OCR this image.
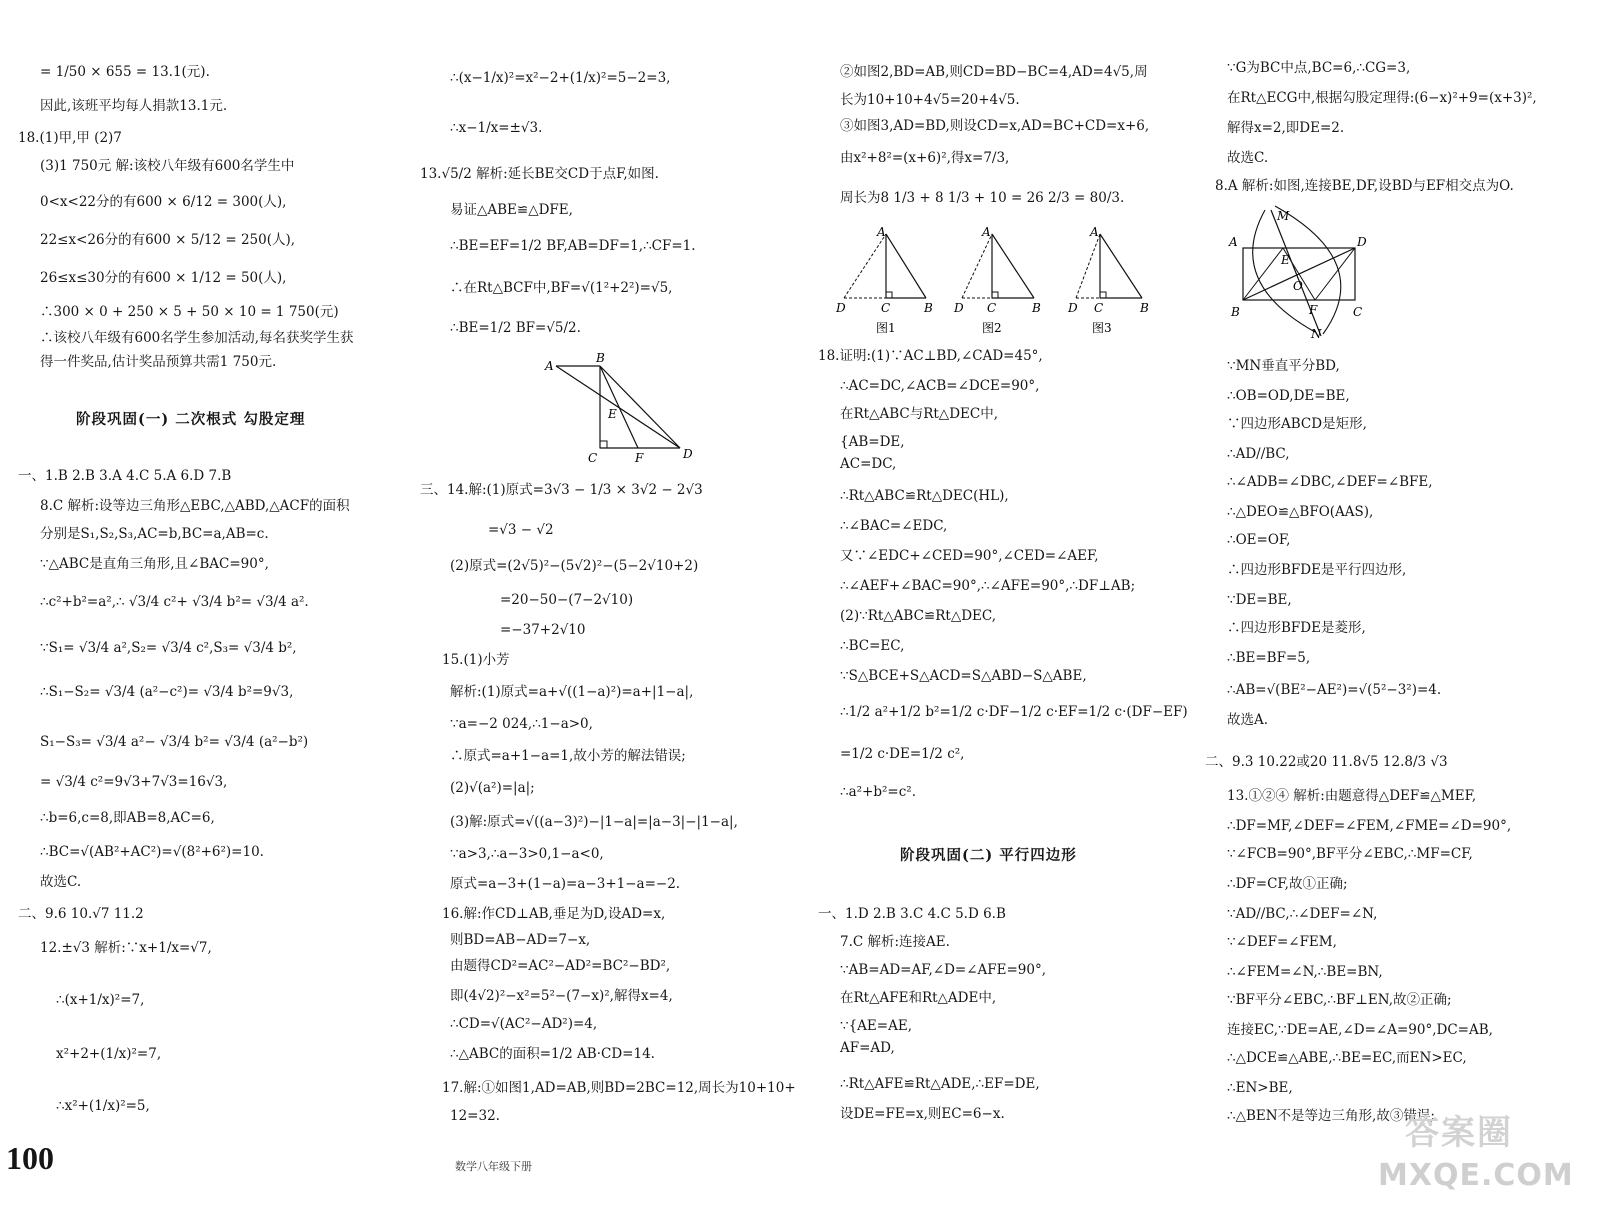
= 1/50 × 655 = 13.1(元).
因此,该班平均每人捐款13.1元.
18.(1)甲,甲 (2)7
(3)1 750元 解:该校八年级有600名学生中
0<x<22分的有600 × 6/12 = 300(人),
22≤x<26分的有600 × 5/12 = 250(人),
26≤x≤30分的有600 × 1/12 = 50(人),
∴300 × 0 + 250 × 5 + 50 × 10 = 1 750(元)
∴该校八年级有600名学生参加活动,每名获奖学生获
得一件奖品,估计奖品预算共需1 750元.
阶段巩固(一) 二次根式 勾股定理
一、1.B 2.B 3.A 4.C 5.A 6.D 7.B
8.C 解析:设等边三角形△EBC,△ABD,△ACF的面积
分别是S₁,S₂,S₃,AC=b,BC=a,AB=c.
∵△ABC是直角三角形,且∠BAC=90°,
∴c²+b²=a²,∴ √3/4 c²+ √3/4 b²= √3/4 a².
∵S₁= √3/4 a²,S₂= √3/4 c²,S₃= √3/4 b²,
∴S₁−S₂= √3/4 (a²−c²)= √3/4 b²=9√3,
S₁−S₃= √3/4 a²− √3/4 b²= √3/4 (a²−b²)
= √3/4 c²=9√3+7√3=16√3,
∴b=6,c=8,即AB=8,AC=6,
∴BC=√(AB²+AC²)=√(8²+6²)=10.
故选C.
二、9.6 10.√7 11.2
12.±√3 解析:∵x+1/x=√7,
∴(x+1/x)²=7,
x²+2+(1/x)²=7,
∴x²+(1/x)²=5,
∴(x−1/x)²=x²−2+(1/x)²=5−2=3,
∴x−1/x=±√3.
13.√5/2 解析:延长BE交CD于点F,如图.
易证△ABE≌△DFE,
∴BE=EF=1/2 BF,AB=DF=1,∴CF=1.
∴在Rt△BCF中,BF=√(1²+2²)=√5,
∴BE=1/2 BF=√5/2.
A
B
E
C	F	D
三、14.解:(1)原式=3√3 − 1/3 × 3√2 − 2√3
=√3 − √2
(2)原式=(2√5)²−(5√2)²−(5−2√10+2)
=20−50−(7−2√10)
=−37+2√10
15.(1)小芳
解析:(1)原式=a+√((1−a)²)=a+|1−a|,
∵a=−2 024,∴1−a>0,
∴原式=a+1−a=1,故小芳的解法错误;
(2)√(a²)=|a|;
(3)解:原式=√((a−3)²)−|1−a|=|a−3|−|1−a|,
∵a>3,∴a−3>0,1−a<0,
原式=a−3+(1−a)=a−3+1−a=−2.
16.解:作CD⊥AB,垂足为D,设AD=x,
则BD=AB−AD=7−x,
由题得CD²=AC²−AD²=BC²−BD²,
即(4√2)²−x²=5²−(7−x)²,解得x=4,
∴CD=√(AC²−AD²)=4,
∴△ABC的面积=1/2 AB·CD=14.
17.解:①如图1,AD=AB,则BD=2BC=12,周长为10+10+
12=32.
②如图2,BD=AB,则CD=BD−BC=4,AD=4√5,周
长为10+10+4√5=20+4√5.
③如图3,AD=BD,则设CD=x,AD=BC+CD=x+6,
由x²+8²=(x+6)²,得x=7/3,
周长为8 1/3 + 8 1/3 + 10 = 26 2/3 = 80/3.
A
D	C	B
图1
A
D C	B
图2
A
D C	B
图3
18.证明:(1)∵AC⊥BD,∠CAD=45°,
∴AC=DC,∠ACB=∠DCE=90°,
在Rt△ABC与Rt△DEC中,
{AB=DE,
AC=DC,
∴Rt△ABC≌Rt△DEC(HL),
∴∠BAC=∠EDC,
又∵∠EDC+∠CED=90°,∠CED=∠AEF,
∴∠AEF+∠BAC=90°,∴∠AFE=90°,∴DF⊥AB;
(2)∵Rt△ABC≌Rt△DEC,
∴BC=EC,
∵S△BCE+S△ACD=S△ABD−S△ABE,
∴1/2 a²+1/2 b²=1/2 c·DF−1/2 c·EF=1/2 c·(DF−EF)
=1/2 c·DE=1/2 c²,
∴a²+b²=c².
阶段巩固(二) 平行四边形
一、1.D 2.B 3.C 4.C 5.D 6.B
7.C 解析:连接AE.
∵AB=AD=AF,∠D=∠AFE=90°,
在Rt△AFE和Rt△ADE中,
∵{AE=AE,
AF=AD,
∴Rt△AFE≌Rt△ADE,∴EF=DE,
设DE=FE=x,则EC=6−x.
∵G为BC中点,BC=6,∴CG=3,
在Rt△ECG中,根据勾股定理得:(6−x)²+9=(x+3)²,
解得x=2,即DE=2.
故选C.
8.A 解析:如图,连接BE,DF,设BD与EF相交点为O.
A	D
B	C
M
E
O
F
N
∵MN垂直平分BD,
∴OB=OD,DE=BE,
∵四边形ABCD是矩形,
∴AD//BC,
∴∠ADB=∠DBC,∠DEF=∠BFE,
∴△DEO≌△BFO(AAS),
∴OE=OF,
∴四边形BFDE是平行四边形,
∵DE=BE,
∴四边形BFDE是菱形,
∴BE=BF=5,
∴AB=√(BE²−AE²)=√(5²−3²)=4.
故选A.
二、9.3 10.22或20 11.8√5 12.8/3 √3
13.①②④ 解析:由题意得△DEF≌△MEF,
∴DF=MF,∠DEF=∠FEM,∠FME=∠D=90°,
∵∠FCB=90°,BF平分∠EBC,∴MF=CF,
∴DF=CF,故①正确;
∵AD//BC,∴∠DEF=∠N,
∵∠DEF=∠FEM,
∴∠FEM=∠N,∴BE=BN,
∵BF平分∠EBC,∴BF⊥EN,故②正确;
连接EC,∵DE=AE,∠D=∠A=90°,DC=AB,
∴△DCE≌△ABE,∴BE=EC,而EN>EC,
∴EN>BE,
∴△BEN不是等边三角形,故③错误;
100	数学八年级下册
答案圈
MXQE.COM
